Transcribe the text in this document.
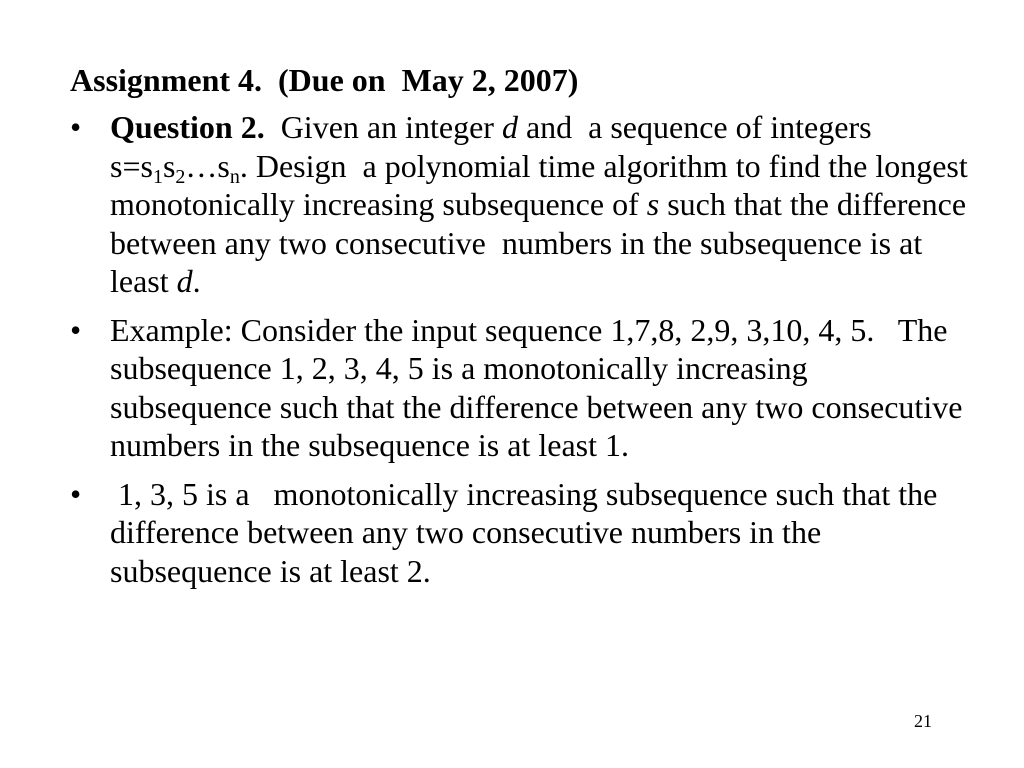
Assignment 4.  (Due on  May 2, 2007)
• Question 2.  Given an integer d and  a sequence of integers $s=s_1s_2\dots s_n$. Design  a polynomial time algorithm to find the longest monotonically increasing subsequence of s such that the difference between any two consecutive  numbers in the subsequence is at least d.
• Example: Consider the input sequence 1,7,8, 2,9, 3,10, 4, 5.   The subsequence 1, 2, 3, 4, 5 is a monotonically increasing subsequence such that the difference between any two consecutive numbers in the subsequence is at least 1.
• 1, 3, 5 is a   monotonically increasing subsequence such that the difference between any two consecutive numbers in the subsequence is at least 2.
21
